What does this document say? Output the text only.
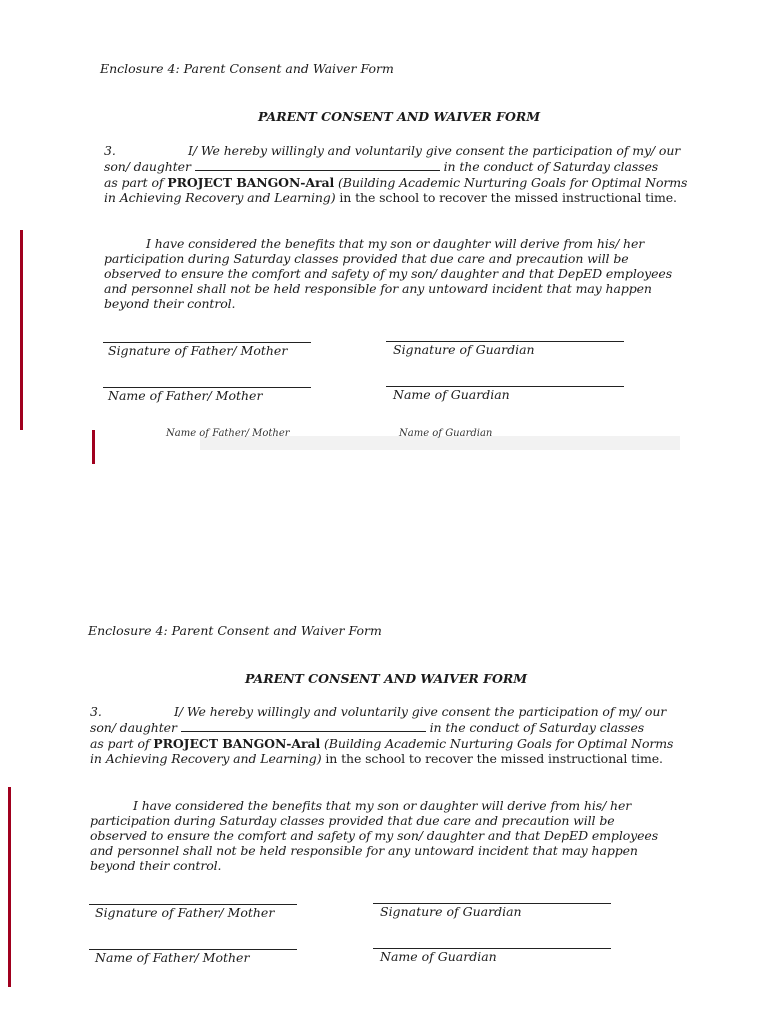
Enclosure 4: Parent Consent and Waiver Form
PARENT CONSENT AND WAIVER FORM
3.	I/ We hereby willingly and voluntarily give consent the participation of my/ our
son/ daughter	in the conduct of Saturday classes
as part of PROJECT BANGON-Aral (Building Academic Nurturing Goals for Optimal Norms
in Achieving Recovery and Learning) in the school to recover the missed instructional time.
I have considered the benefits that my son or daughter will derive from his/ her
participation during Saturday classes provided that due care and precaution will be
observed to ensure the comfort and safety of my son/ daughter and that DepED employees
and personnel shall not be held responsible for any untoward incident that may happen
beyond their control.
Signature of Father/ Mother	Signature of Guardian
Name of Father/ Mother	Name of Guardian
Name of Father/ Mother	Name of Guardian
Enclosure 4: Parent Consent and Waiver Form
PARENT CONSENT AND WAIVER FORM
3.	I/ We hereby willingly and voluntarily give consent the participation of my/ our
son/ daughter	in the conduct of Saturday classes
as part of PROJECT BANGON-Aral (Building Academic Nurturing Goals for Optimal Norms
in Achieving Recovery and Learning) in the school to recover the missed instructional time.
I have considered the benefits that my son or daughter will derive from his/ her
participation during Saturday classes provided that due care and precaution will be
observed to ensure the comfort and safety of my son/ daughter and that DepED employees
and personnel shall not be held responsible for any untoward incident that may happen
beyond their control.
Signature of Father/ Mother	Signature of Guardian
Name of Father/ Mother	Name of Guardian
